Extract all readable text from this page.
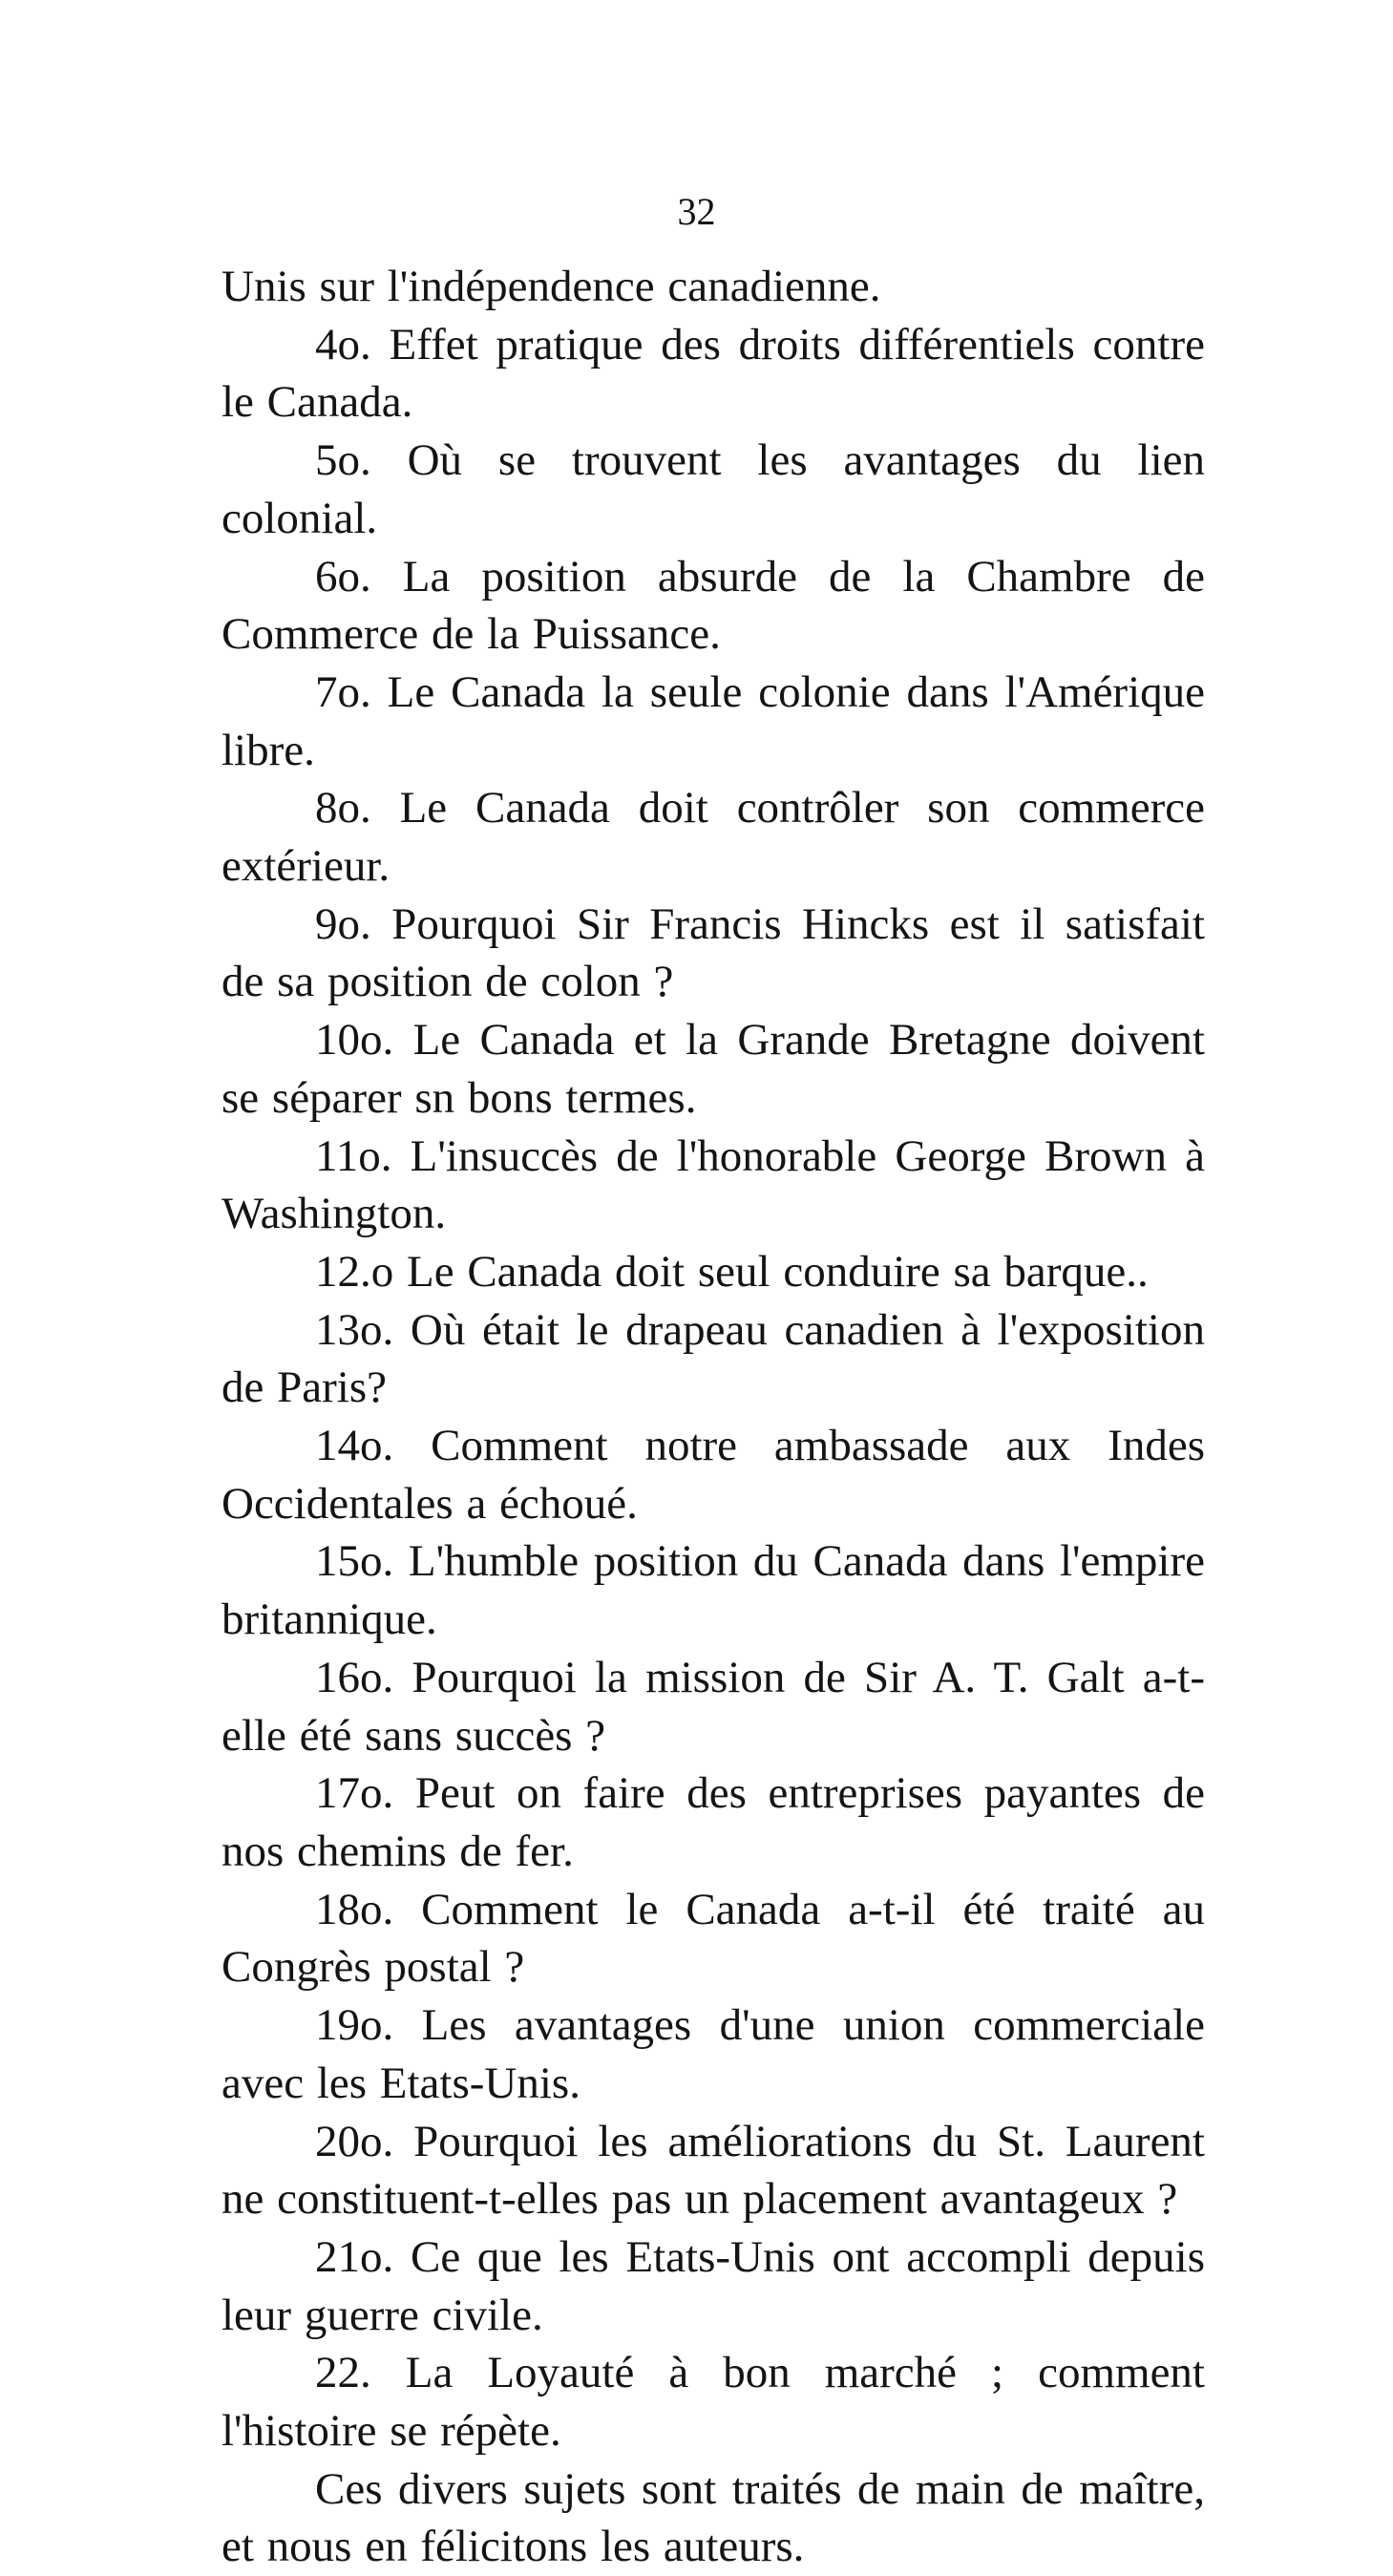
32

Unis sur l'indépendence canadienne.

4o. Effet pratique des droits différentiels contre le Canada.

5o. Où se trouvent les avantages du lien colonial.

6o. La position absurde de la Chambre de Commerce de la Puissance.

7o. Le Canada la seule colonie dans l'Amérique libre.

8o. Le Canada doit contrôler son commerce extérieur.

9o. Pourquoi Sir Francis Hincks est il satisfait de sa position de colon ?

10o. Le Canada et la Grande Bretagne doivent se séparer sn bons termes.

11o. L'insuccès de l'honorable George Brown à Washington.

12.o Le Canada doit seul conduire sa barque..

13o. Où était le drapeau canadien à l'exposition de Paris?

14o. Comment notre ambassade aux Indes Occidentales a échoué.

15o. L'humble position du Canada dans l'empire britannique.

16o. Pourquoi la mission de Sir A. T. Galt a-t-elle été sans succès ?

17o. Peut on faire des entreprises payantes de nos chemins de fer.

18o. Comment le Canada a-t-il été traité au Congrès postal ?

19o. Les avantages d'une union commerciale avec les Etats-Unis.

20o. Pourquoi les améliorations du St. Laurent ne constituent-t-elles pas un placement avantageux ?

21o. Ce que les Etats-Unis ont accompli depuis leur guerre civile.

22. La Loyauté à bon marché ; comment l'histoire se répète.

Ces divers sujets sont traités de main de maître, et nous en félicitons les auteurs.
